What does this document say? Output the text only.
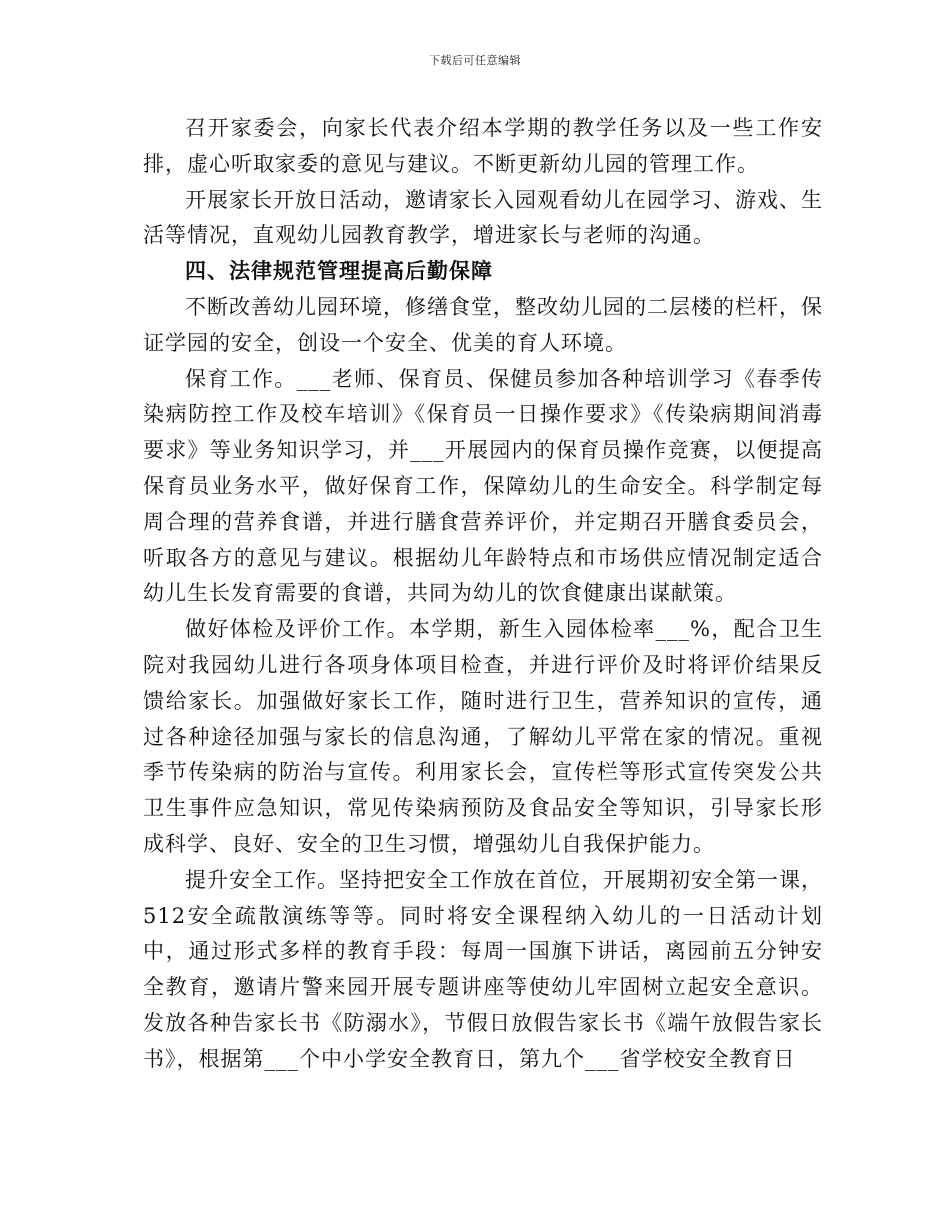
下载后可任意编辑

召开家委会，向家长代表介绍本学期的教学任务以及一些工作安排，虚心听取家委的意见与建议。不断更新幼儿园的管理工作。

开展家长开放日活动，邀请家长入园观看幼儿在园学习、游戏、生活等情况，直观幼儿园教育教学，增进家长与老师的沟通。

四、法律规范管理提高后勤保障

不断改善幼儿园环境，修缮食堂，整改幼儿园的二层楼的栏杆，保证学园的安全，创设一个安全、优美的育人环境。

保育工作。___老师、保育员、保健员参加各种培训学习《春季传染病防控工作及校车培训》《保育员一日操作要求》《传染病期间消毒要求》等业务知识学习，并___开展园内的保育员操作竞赛，以便提高保育员业务水平，做好保育工作，保障幼儿的生命安全。科学制定每周合理的营养食谱，并进行膳食营养评价，并定期召开膳食委员会，听取各方的意见与建议。根据幼儿年龄特点和市场供应情况制定适合幼儿生长发育需要的食谱，共同为幼儿的饮食健康出谋献策。

做好体检及评价工作。本学期，新生入园体检率___%，配合卫生院对我园幼儿进行各项身体项目检查，并进行评价及时将评价结果反馈给家长。加强做好家长工作，随时进行卫生，营养知识的宣传，通过各种途径加强与家长的信息沟通，了解幼儿平常在家的情况。重视季节传染病的防治与宣传。利用家长会，宣传栏等形式宣传突发公共卫生事件应急知识，常见传染病预防及食品安全等知识，引导家长形成科学、良好、安全的卫生习惯，增强幼儿自我保护能力。

提升安全工作。坚持把安全工作放在首位，开展期初安全第一课，512安全疏散演练等等。同时将安全课程纳入幼儿的一日活动计划中，通过形式多样的教育手段：每周一国旗下讲话，离园前五分钟安全教育，邀请片警来园开展专题讲座等使幼儿牢固树立起安全意识。发放各种告家长书《防溺水》，节假日放假告家长书《端午放假告家长书》，根据第___个中小学安全教育日，第九个___省学校安全教育日
